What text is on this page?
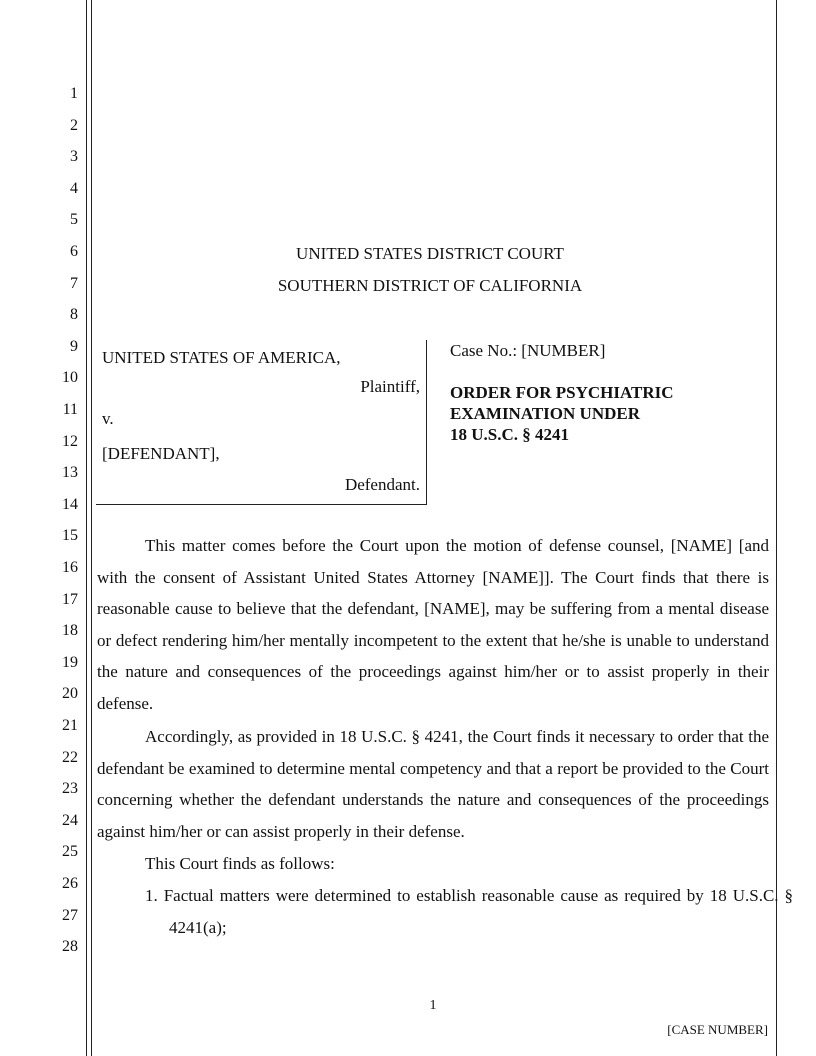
1
2
3
4
5
6
7
8
9
10
11
12
13
14
15
16
17
18
19
20
21
22
23
24
25
26
27
28
UNITED STATES DISTRICT COURT
SOUTHERN DISTRICT OF CALIFORNIA
UNITED STATES OF AMERICA,
Plaintiff,
v.
[DEFENDANT],
Defendant.
Case No.: [NUMBER]
ORDER FOR PSYCHIATRIC
EXAMINATION UNDER
18 U.S.C. § 4241

This matter comes before the Court upon the motion of defense counsel, [NAME] [and with the consent of Assistant United States Attorney [NAME]]. The Court finds that there is reasonable cause to believe that the defendant, [NAME], may be suffering from a mental disease or defect rendering him/her mentally incompetent to the extent that he/she is unable to understand the nature and consequences of the proceedings against him/her or to assist properly in their defense.

Accordingly, as provided in 18 U.S.C. § 4241, the Court finds it necessary to order that the defendant be examined to determine mental competency and that a report be provided to the Court concerning whether the defendant understands the nature and consequences of the proceedings against him/her or can assist properly in their defense.

This Court finds as follows:

1. Factual matters were determined to establish reasonable cause as required by 18 U.S.C. § 4241(a);

1
[CASE NUMBER]
